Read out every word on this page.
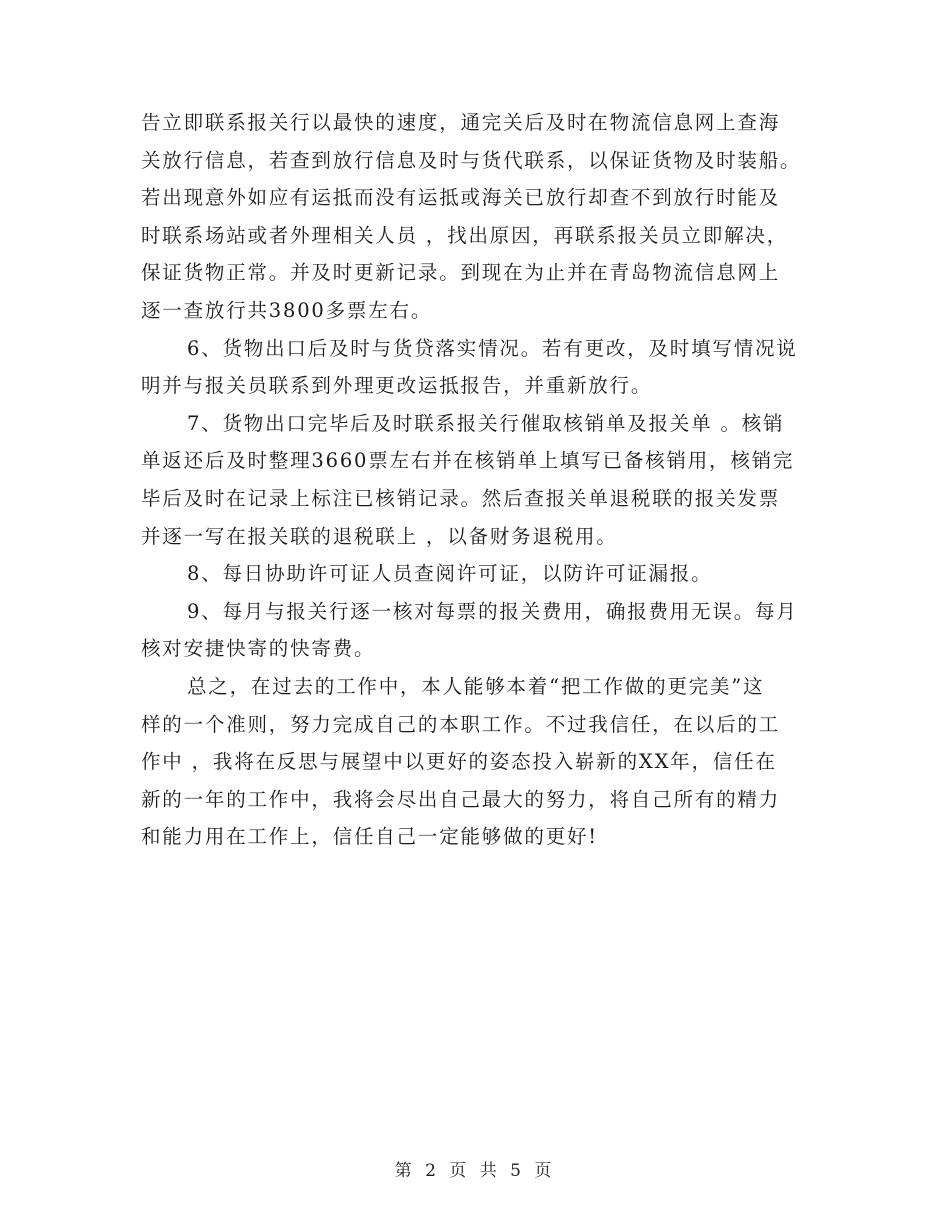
告立即联系报关行以最快的速度，通完关后及时在物流信息网上查海
关放行信息，若查到放行信息及时与货代联系，以保证货物及时装船。
若出现意外如应有运抵而没有运抵或海关已放行却查不到放行时能及
时联系场站或者外理相关人员 ，找出原因，再联系报关员立即解决，
保证货物正常。并及时更新记录。到现在为止并在青岛物流信息网上
逐一查放行共3800多票左右。
6、货物出口后及时与货贷落实情况。若有更改，及时填写情况说
明并与报关员联系到外理更改运抵报告，并重新放行。
7、货物出口完毕后及时联系报关行催取核销单及报关单 。核销
单返还后及时整理3660票左右并在核销单上填写已备核销用，核销完
毕后及时在记录上标注已核销记录。然后查报关单退税联的报关发票
并逐一写在报关联的退税联上 ，以备财务退税用。
8、每日协助许可证人员查阅许可证，以防许可证漏报。
9、每月与报关行逐一核对每票的报关费用，确报费用无误。每月
核对安捷快寄的快寄费。
总之，在过去的工作中，本人能够本着“把工作做的更完美”这
样的一个准则，努力完成自己的本职工作。不过我信任，在以后的工
作中 ，我将在反思与展望中以更好的姿态投入崭新的XX年，信任在
新的一年的工作中，我将会尽出自己最大的努力，将自己所有的精力
和能力用在工作上，信任自己一定能够做的更好!
第 2 页 共 5 页
